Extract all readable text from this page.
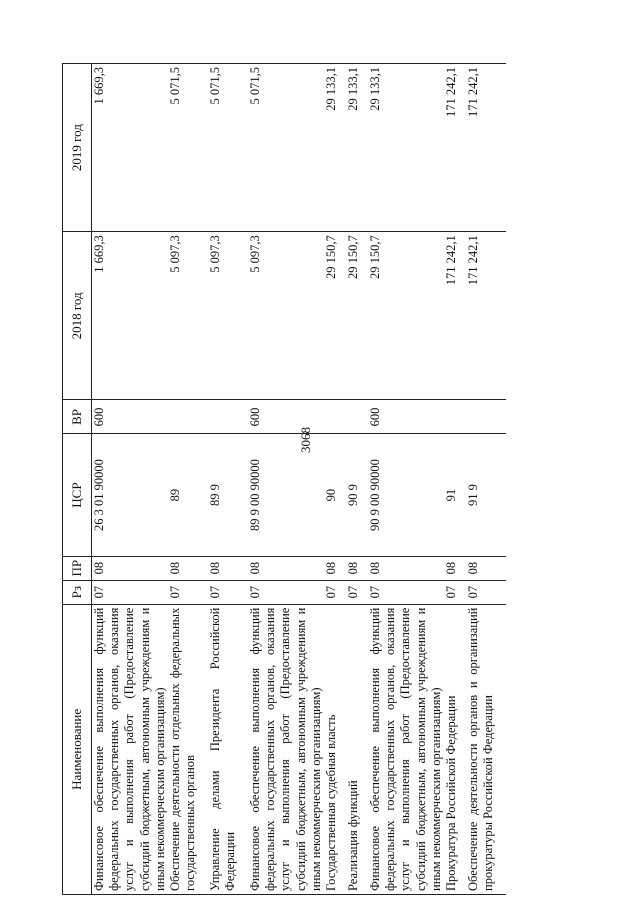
3068
Наименование	Рз	ПР	ЦСР	ВР	2018 год	2019 год
Финансовое обеспечение выполнения функций федеральных государственных органов, оказания услуг и выполнения работ (Предоставление субсидий бюджетным, автономным учреждениям и иным некоммерческим организациям)	07	08	26 3 01 90000	600	1 669,3	1 669,3
Обеспечение деятельности отдельных федеральных государственных органов	07	08	89		5 097,3	5 071,5
Управление делами Президента Российской Федерации	07	08	89 9		5 097,3	5 071,5
Финансовое обеспечение выполнения функций федеральных государственных органов, оказания услуг и выполнения работ (Предоставление субсидий бюджетным, автономным учреждениям и иным некоммерческим организациям)	07	08	89 9 00 90000	600	5 097,3	5 071,5
Государственная судебная власть	07	08	90		29 150,7	29 133,1
Реализация функций	07	08	90 9		29 150,7	29 133,1
Финансовое обеспечение выполнения функций федеральных государственных органов, оказания услуг и выполнения работ (Предоставление субсидий бюджетным, автономным учреждениям и иным некоммерческим организациям)	07	08	90 9 00 90000	600	29 150,7	29 133,1
Прокуратура Российской Федерации	07	08	91		171 242,1	171 242,1
Обеспечение деятельности органов и организаций прокуратуры Российской Федерации	07	08	91 9		171 242,1	171 242,1
